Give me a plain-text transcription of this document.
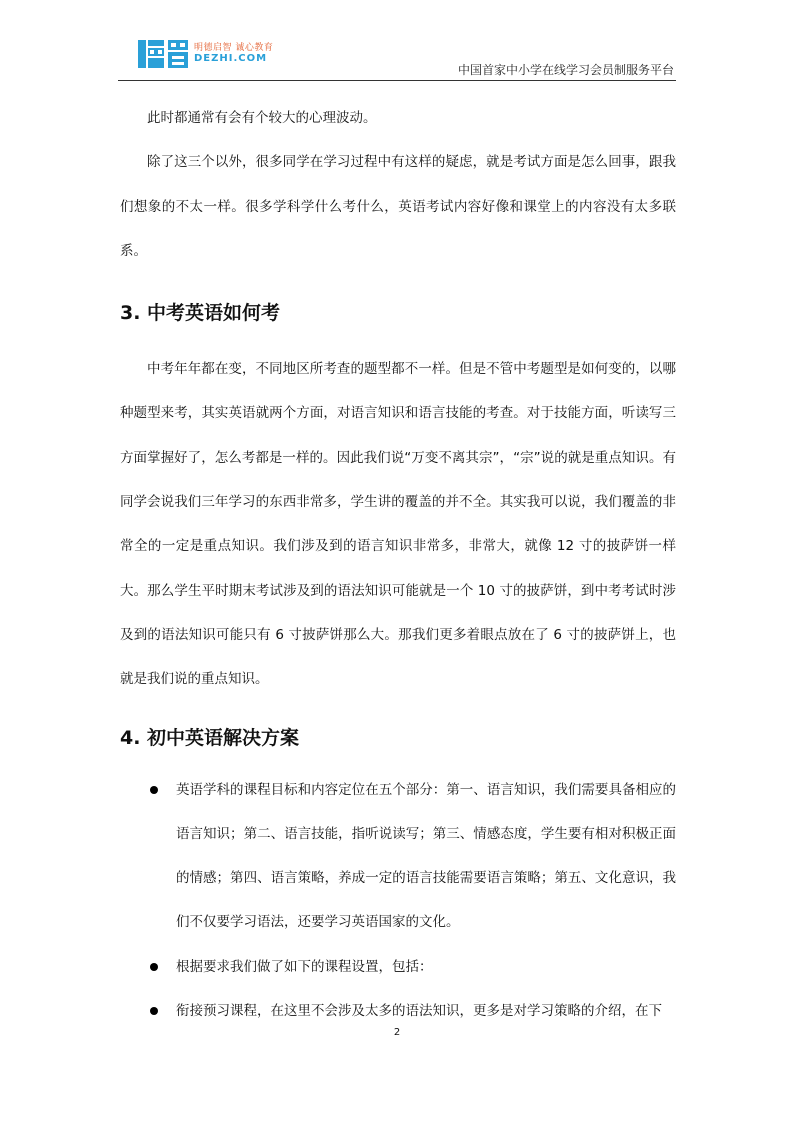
明德启智 诚心教育
DEZHI.COM
中国首家中小学在线学习会员制服务平台

此时都通常有会有个较大的心理波动。

除了这三个以外，很多同学在学习过程中有这样的疑虑，就是考试方面是怎么回事，跟我们想象的不太一样。很多学科学什么考什么，英语考试内容好像和课堂上的内容没有太多联系。

3. 中考英语如何考

中考年年都在变，不同地区所考查的题型都不一样。但是不管中考题型是如何变的，以哪种题型来考，其实英语就两个方面，对语言知识和语言技能的考查。对于技能方面，听读写三方面掌握好了，怎么考都是一样的。因此我们说“万变不离其宗”，“宗”说的就是重点知识。有同学会说我们三年学习的东西非常多，学生讲的覆盖的并不全。其实我可以说，我们覆盖的非常全的一定是重点知识。我们涉及到的语言知识非常多，非常大，就像 12 寸的披萨饼一样大。那么学生平时期末考试涉及到的语法知识可能就是一个 10 寸的披萨饼，到中考考试时涉及到的语法知识可能只有 6 寸披萨饼那么大。那我们更多着眼点放在了 6 寸的披萨饼上，也就是我们说的重点知识。

4. 初中英语解决方案
英语学科的课程目标和内容定位在五个部分：第一、语言知识，我们需要具备相应的语言知识；第二、语言技能，指听说读写；第三、情感态度，学生要有相对积极正面的情感；第四、语言策略，养成一定的语言技能需要语言策略；第五、文化意识，我们不仅要学习语法，还要学习英语国家的文化。
根据要求我们做了如下的课程设置，包括：
衔接预习课程，在这里不会涉及太多的语法知识，更多是对学习策略的介绍，在下
2
